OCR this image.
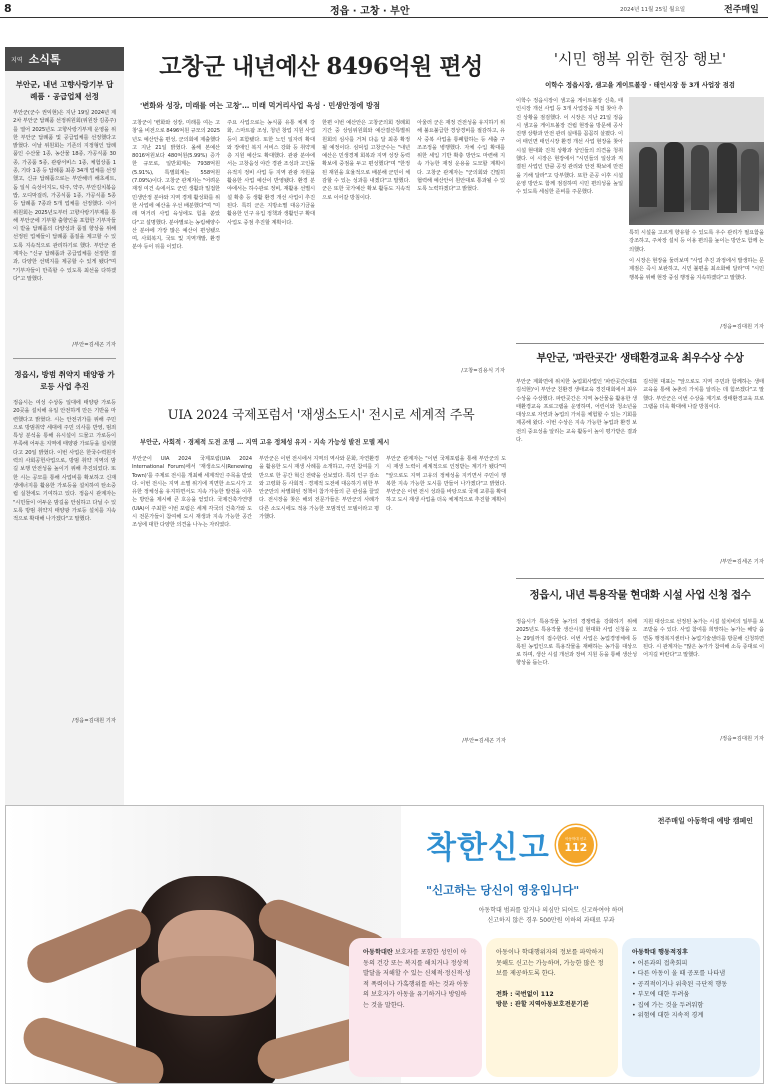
8	정읍 · 고창 · 부안	2024년 11월 25일 월요일	전주매일
지역 소식톡
부안군, 내년 고향사랑기부 답례품 · 공급업체 선정
부안군(군수 권익현)은 지난 19일 2024년 제2차 부안군 답례품 선정위원회(위원장 김종주)를 열어 2025년도 고향사랑기부제 운영을 위한 부안군 답례품 및 공급업체를 선정했다고 밝혔다. 이날 위원회는 기존의 지정형인 답례품인 수산물 1종, 농산물 18종, 가공식품 30종, 가공품 5종, 관광서비스 1종, 체험상품 1종, 기타 1종 등 답례품 최종 34개 업체를 선정했고, 신규 답례품으로는 부안해녀 해초세트, 돔 일식 숙성어지도, 탁주, 약주, 부안김치볶음밥, 오디막걸리, 가공식품 1종, 가공식품 5종 등 답례품 7종과 5개 업체를 선정했다. 이어 위원회는 2025년도부터 고향사랑기부제를 통해 부안군에 기부할 출향인을 포함한 기부자들이 받을 답례품의 다양성과 품질 향상을 위해 선정된 업체들이 답례품 품질을 제고할 수 있도록 지속적으로 관리하기로 했다. 부안군 관계자는 "신규 답례품과 공급업체를 선정한 결과, 다양한 선택지를 제공할 수 있게 됐다"며 "기부자들이 만족할 수 있도록 최선을 다하겠다"고 말했다.
/부안=김세곤 기자
정읍시, 방범 취약지 태양광 가로등 사업 추진
정읍시는 여성 수상동 일대에 태양광 가로등 20곳을 설치해 유일 안전하게 만든 기반을 마련했다고 밝혔다. 시는 안전귀가를 위해 주민으로 방범취약 세대에 주민 의사를 반영, 범죄 특성 분석을 통해 유시설이 드물고 가로등이 부족해 어두운 지역에 태양광 가로등을 설치했다고 20일 밝혔다. 이번 사업은 한국수력원자력의 사회공헌사업으로, 방범 취약 지역의 밤길 보행 안전성을 높이기 위해 추진되었다. 또한 시는 공모를 통해 사업비를 확보하고 신재생에너지를 활용한 가로등을 설치하여 탄소중립 실천에도 기여하고 있다. 정읍시 관계자는 "시민들이 어두운 밤길을 안심하고 다닐 수 있도록 방범 취약지 태양광 가로등 설치를 지속적으로 확대해 나가겠다"고 말했다.
/정읍=김대원 기자
고창군 내년예산 8496억원 편성
'변화와 성장, 미래를 여는 고창'… 미래 먹거리사업 육성 · 민생안정에 방점
고창군이 '변화와 성장, 미래를 여는 고창'을 비전으로 8496억원 규모의 2025년도 예산안을 편성, 군의회에 제출했다고 지난 21일 밝혔다. 올해 본예산 8016억원보다 480억원(5.99%) 증가한 규모로, 일반회계는 7938억원(5.91%), 특별회계는 558억원(7.09%)이다. 고창군 관계자는 "어려운 재정 여건 속에서도 군민 생활과 밀접한 민생안정 분야와 지역 경제 활성화를 위한 사업에 예산을 우선 배분했다"며 "미래 먹거리 사업 육성에도 힘을 쏟았다"고 설명했다. 분야별로는 농림해양수산 분야에 가장 많은 예산이 편성됐으며, 사회복지, 국토 및 지역개발, 환경 분야 등이 뒤를 이었다.
주요 사업으로는 농식품 유통 체계 강화, 스마트팜 조성, 청년 창업 지원 사업 등이 포함됐다. 또한 노인 일자리 확대와 장애인 복지 서비스 강화 등 취약계층 지원 예산도 확대했다. 관광 분야에서는 고창읍성 야간 경관 조성과 고인돌 유적지 정비 사업 등 지역 관광 자원을 활용한 사업 예산이 반영됐다. 환경 분야에서는 하수관로 정비, 재활용 선별시설 확충 등 생활 환경 개선 사업이 추진된다. 특히 군은 지방소멸 대응기금을 활용한 인구 유입 정책과 생활인구 확대 사업도 중점 추진할 계획이다.
한편 이번 예산안은 고창군의회 정례회 기간 중 상임위원회와 예산결산특별위원회의 심사를 거쳐 다음 달 최종 확정될 예정이다. 심덕섭 고창군수는 "내년 예산은 민생경제 회복과 지역 성장 동력 확보에 중점을 두고 편성했다"며 "한정된 재원을 효율적으로 배분해 군민이 체감할 수 있는 성과를 내겠다"고 말했다. 군은 또한 국가예산 확보 활동도 지속적으로 이어갈 방침이다.
아울러 군은 재정 건전성을 유지하기 위해 불요불급한 경상경비를 절감하고, 유사 중복 사업을 통폐합하는 등 세출 구조조정을 병행했다. 자체 수입 확대를 위한 세입 기반 확충 방안도 마련해 지속 가능한 재정 운용을 도모할 계획이다. 고창군 관계자는 "군의회와 긴밀히 협력해 예산안이 원안대로 통과될 수 있도록 노력하겠다"고 밝혔다.
/고창=김용식 기자
'시민 행복 위한 현장 행보'
이학수 정읍시장, 샘고을 게이트볼장 · 태인시장 등 3개 사업장 점검
이학수 정읍시장이 샘고을 게이트볼장 신축, 태인시장 개선 사업 등 3개 사업장을 직접 찾아 추진 상황을 점검했다. 이 시장은 지난 21일 정읍시 샘고을 게이트볼장 건립 현장을 방문해 공사 진행 상황과 안전 관리 실태를 꼼꼼히 살폈다. 이어 태인면 태인시장 환경 개선 사업 현장을 찾아 시설 현대화 진척 상황과 상인들의 의견을 청취했다. 이 시장은 현장에서 "시민들의 일상과 직결된 사업인 만큼 공정 관리와 안전 확보에 만전을 기해 달라"고 당부했다. 또한 준공 이후 시설 운영 방안도 함께 점검하며 시민 편의성을 높일 수 있도록 세심한 준비를 주문했다.
특히 시설을 고르게 향유할 수 있도록 우수 관리가 필요함을 강조하고, 주차장 설치 등 이용 편의를 높이는 방안도 함께 논의했다.
이 시장은 현장을 둘러보며 "사업 추진 과정에서 발생하는 문제점은 즉시 보완하고, 시민 불편을 최소화해 달라"며 "시민 행복을 위해 현장 중심 행정을 지속하겠다"고 말했다.
/정읍=김대원 기자
부안군, '파란곳간' 생태환경교육 최우수상 수상
부안군 계화면에 위치한 농업회사법인 '파란곳간(대표 김석현)'이 부안군 친환경 생태교육 경진대회에서 최우수상을 수상했다. 파란곳간은 지역 농산물을 활용한 생태환경교육 프로그램을 운영하며, 어린이와 청소년을 대상으로 자연과 농업의 가치를 체험할 수 있는 기회를 제공해 왔다. 이번 수상은 지속 가능한 농업과 환경 보전의 중요성을 알리는 교육 활동이 높이 평가받은 결과다.
김석현 대표는 "앞으로도 지역 주민과 함께하는 생태 교육을 통해 농촌의 가치를 알리는 데 힘쓰겠다"고 말했다. 부안군은 이번 수상을 계기로 생태환경교육 프로그램을 더욱 확대해 나갈 방침이다.
/부안=김세곤 기자
UIA 2024 국제포럼서 '재생소도시' 전시로 세계적 주목
부안군, 사회적 · 경제적 도전 조명 … 지역 고유 정체성 유지 · 지속 가능성 발전 모델 제시
부안군이 UIA 2024 국제포럼(UIA 2024 International Forum)에서 '재생소도시(Renewing Town)'를 주제로 전시를 개최해 세계적인 주목을 받았다. 이번 전시는 지역 소멸 위기에 직면한 소도시가 고유한 정체성을 유지하면서도 지속 가능한 발전을 이루는 방안을 제시해 큰 호응을 얻었다. 국제건축가연맹(UIA)이 주최한 이번 포럼은 세계 각국의 건축가와 도시 전문가들이 참여해 도시 재생과 지속 가능한 공간 조성에 대한 다양한 의견을 나누는 자리였다.
부안군은 이번 전시에서 지역의 역사와 문화, 자연환경을 활용한 도시 재생 사례를 소개하고, 주민 참여를 기반으로 한 공간 혁신 전략을 선보였다. 특히 인구 감소와 고령화 등 사회적 · 경제적 도전에 대응하기 위한 부안군만의 차별화된 정책이 참가자들의 큰 관심을 끌었다. 전시장을 찾은 해외 전문가들은 부안군의 사례가 다른 소도시에도 적용 가능한 모범적인 모델이라고 평가했다.
부안군 관계자는 "이번 국제포럼을 통해 부안군의 도시 재생 노력이 세계적으로 인정받는 계기가 됐다"며 "앞으로도 지역 고유의 정체성을 지키면서 주민이 행복한 지속 가능한 도시를 만들어 나가겠다"고 밝혔다. 부안군은 이번 전시 성과를 바탕으로 국제 교류를 확대하고 도시 재생 사업을 더욱 체계적으로 추진할 계획이다.
/부안=김세곤 기자
정읍시, 내년 특용작물 현대화 시설 사업 신청 접수
정읍시가 특용작물 농가의 경쟁력을 강화하기 위해 2025년도 특용작물 생산시설 현대화 사업 신청을 오는 29일까지 접수한다. 이번 사업은 농업경영체에 등록된 농업인으로 특용작물을 재배하는 농가를 대상으로 하며, 생산 시설 개선과 장비 지원 등을 통해 생산성 향상을 돕는다.
지원 대상으로 선정된 농가는 시설 설치비의 일부를 보조받을 수 있다. 사업 참여를 희망하는 농가는 해당 읍면동 행정복지센터나 농업기술센터를 방문해 신청하면 된다. 시 관계자는 "많은 농가가 참여해 소득 증대로 이어지길 바란다"고 말했다.
/정읍=김대원 기자
전주매일 아동학대 예방 캠페인
착한신고	아동학대 신고
112
"신고하는 당신이 영웅입니다"
아동학대 범죄를 알거나 의심만 되어도 신고하여야 하며
신고하지 않은 경우 500만원 이하의 과태료 부과
아동학대란 보호자를 포함한 성인이 아동의 건강 또는 복지를 해치거나 정상적 발달을 저해할 수 있는 신체적·정신적·성적 폭력이나 가혹행위를 하는 것과 아동의 보호자가 아동을 유기하거나 방임하는 것을 말한다.
아동이나 학대행위자의 정보를 파악하지 못해도 신고는 가능하며, 가능한 많은 정보를 제공하도록 한다.
전화 : 국번없이 112
방문 : 관할 지역아동보호전문기관
아동학대 행동적징후
• 어른과의 접촉회피
• 다른 아동이 울 때 공포를 나타냄
• 공격적이거나 위축된 극단적 행동
• 부모에 대한 두려움
• 집에 가는 것을 두려워함
• 위험에 대한 지속적 경계
